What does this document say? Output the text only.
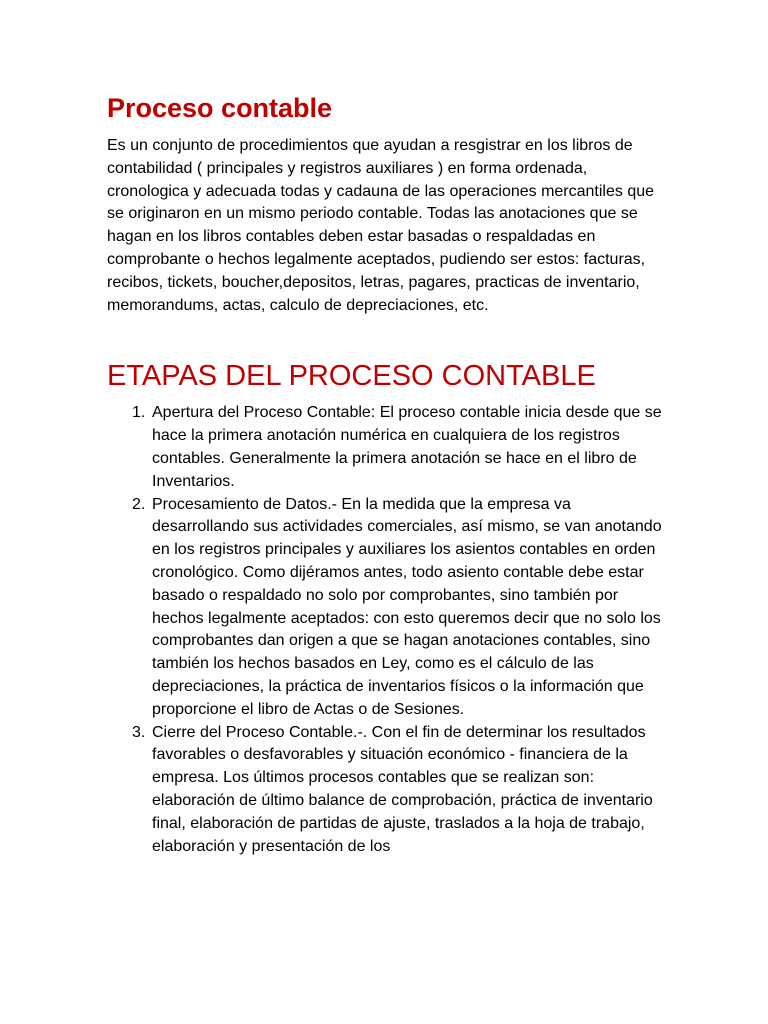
Proceso contable

Es un conjunto de procedimientos que ayudan a resgistrar en los libros de contabilidad ( principales y registros auxiliares ) en forma ordenada, cronologica y adecuada todas y cadauna de las operaciones mercantiles que se originaron en un mismo periodo contable. Todas las anotaciones que se hagan en los libros contables deben estar basadas o respaldadas en comprobante o hechos legalmente aceptados, pudiendo ser estos: facturas, recibos, tickets, boucher,depositos, letras, pagares, practicas de inventario, memorandums, actas, calculo de depreciaciones, etc.

ETAPAS DEL PROCESO CONTABLE
1. Apertura del Proceso Contable: El proceso contable inicia desde que se hace la primera anotación numérica en cualquiera de los registros contables. Generalmente la primera anotación se hace en el libro de Inventarios.
2. Procesamiento de Datos.- En la medida que la empresa va desarrollando sus actividades comerciales, así mismo, se van anotando en los registros principales y auxiliares los asientos contables en orden cronológico. Como dijéramos antes, todo asiento contable debe estar basado o respaldado no solo por comprobantes, sino también por hechos legalmente aceptados: con esto queremos decir que no solo los comprobantes dan origen a que se hagan anotaciones contables, sino también los hechos basados en Ley, como es el cálculo de las depreciaciones, la práctica de inventarios físicos o la información que proporcione el libro de Actas o de Sesiones.
3. Cierre del Proceso Contable.-. Con el fin de determinar los resultados favorables o desfavorables y situación económico - financiera de la empresa. Los últimos procesos contables que se realizan son: elaboración de último balance de comprobación, práctica de inventario final, elaboración de partidas de ajuste, traslados a la hoja de trabajo, elaboración y presentación de los
